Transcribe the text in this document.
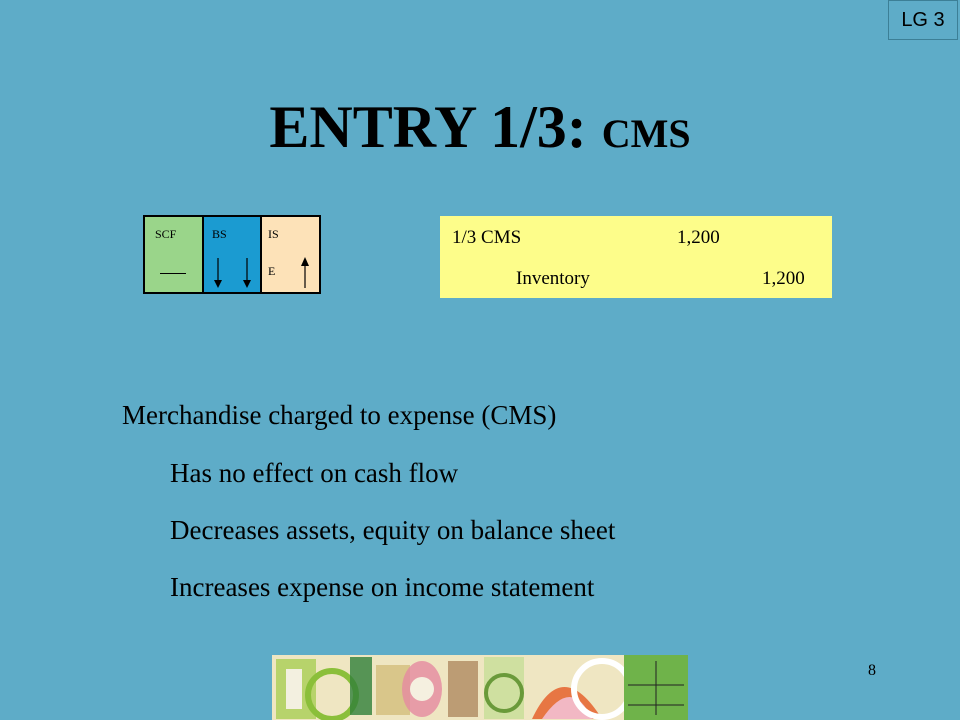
LG 3
ENTRY 1/3: CMS
SCF	BS	IS
E
1/3 CMS	1,200
Inventory	1,200
Merchandise charged to expense (CMS)
Has no effect on cash flow
Decreases assets, equity on balance sheet
Increases expense on income statement
8
